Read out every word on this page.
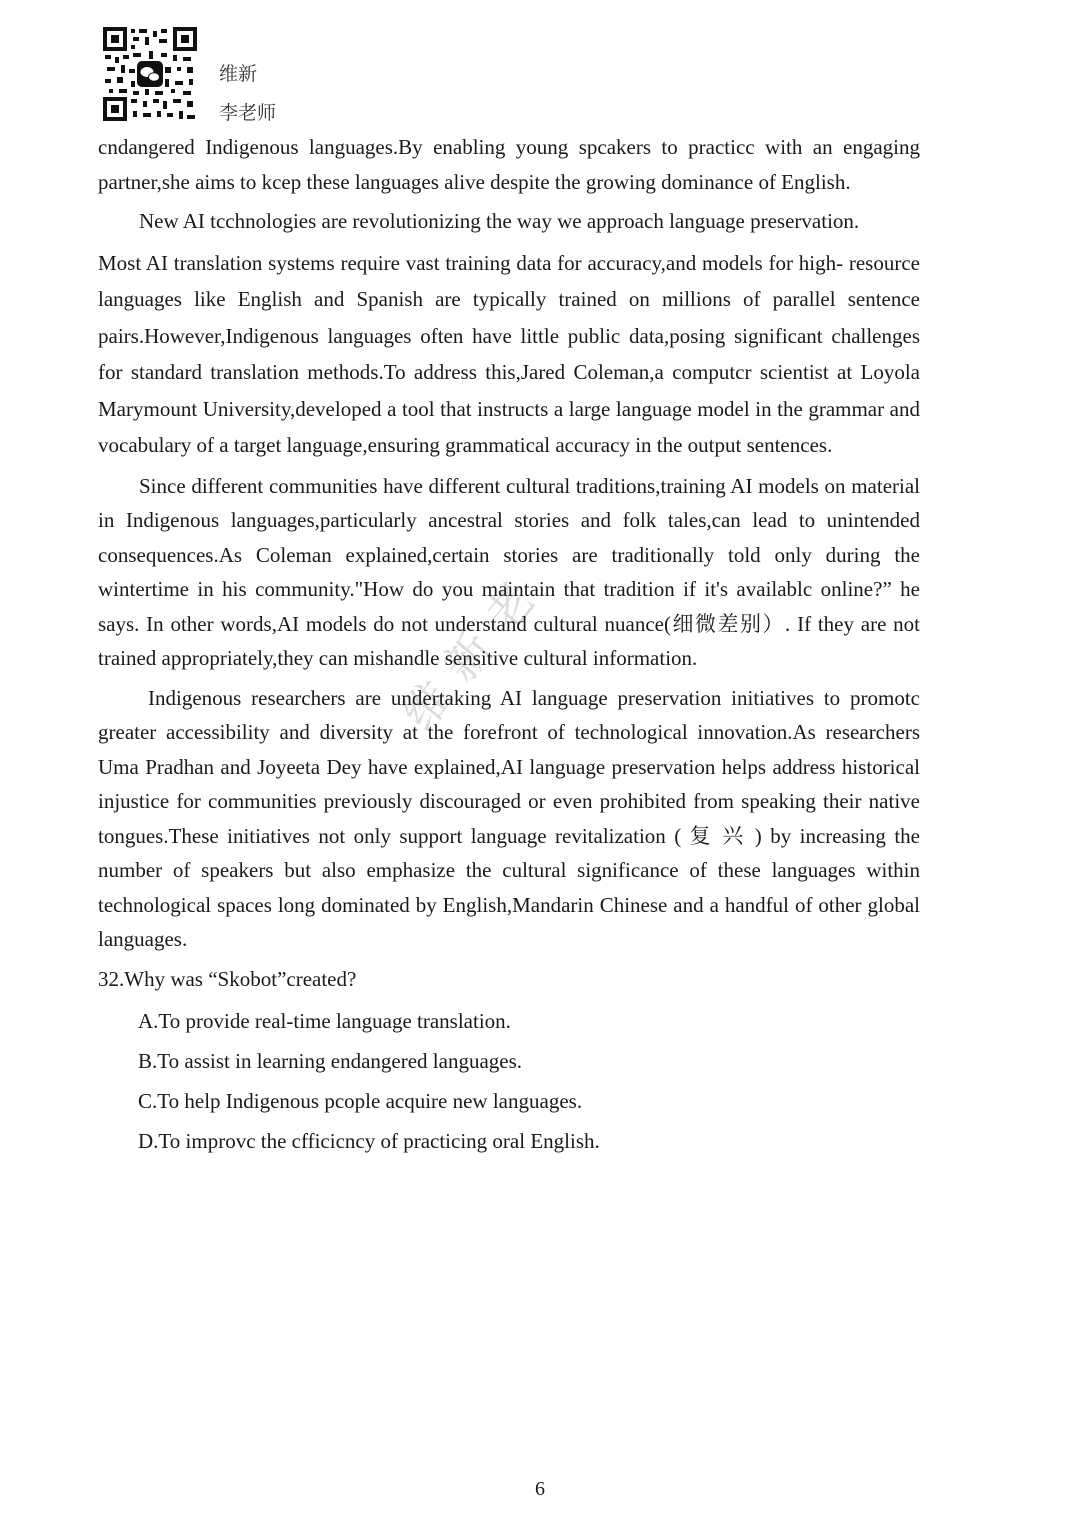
维新
李老师
维新老

cndangered Indigenous languages.By enabling young spcakers to practicc with an engaging partner,she aims to kcep these languages alive despite the growing dominance of English.

New AI tcchnologies are revolutionizing the way we approach language preservation.

Most AI translation systems require vast training data for accuracy,and models for high- resource languages like English and Spanish are typically trained on millions of parallel sentence pairs.However,Indigenous languages often have little public data,posing significant challenges for standard translation methods.To address this,Jared Coleman,a computcr scientist at Loyola Marymount University,developed a tool that instructs a large language model in the grammar and vocabulary of a target language,ensuring grammatical accuracy in the output sentences.

Since different communities have different cultural traditions,training AI models on material in Indigenous languages,particularly ancestral stories and folk tales,can lead to unintended consequences.As Coleman explained,certain stories are traditionally told only during the wintertime in his community."How do you maintain that tradition if it's availablc online?” he says. In other words,AI models do not understand cultural nuance(细微差别）. If they are not trained appropriately,they can mishandle sensitive cultural information.

Indigenous researchers are undertaking AI language preservation initiatives to promotc greater accessibility and diversity at the forefront of technological innovation.As researchers Uma Pradhan and Joyeeta Dey have explained,AI language preservation helps address historical injustice for communities previously discouraged or even prohibited from speaking their native tongues.These initiatives not only support language revitalization ( 复 兴 ) by increasing the number of speakers but also emphasize the cultural significance of these languages within technological spaces long dominated by English,Mandarin Chinese and a handful of other global languages.

32.Why was “Skobot”created?
A.To provide real-time language translation.
B.To assist in learning endangered languages.
C.To help Indigenous pcople acquire new languages.
D.To improvc the cfficicncy of practicing oral English.
6
